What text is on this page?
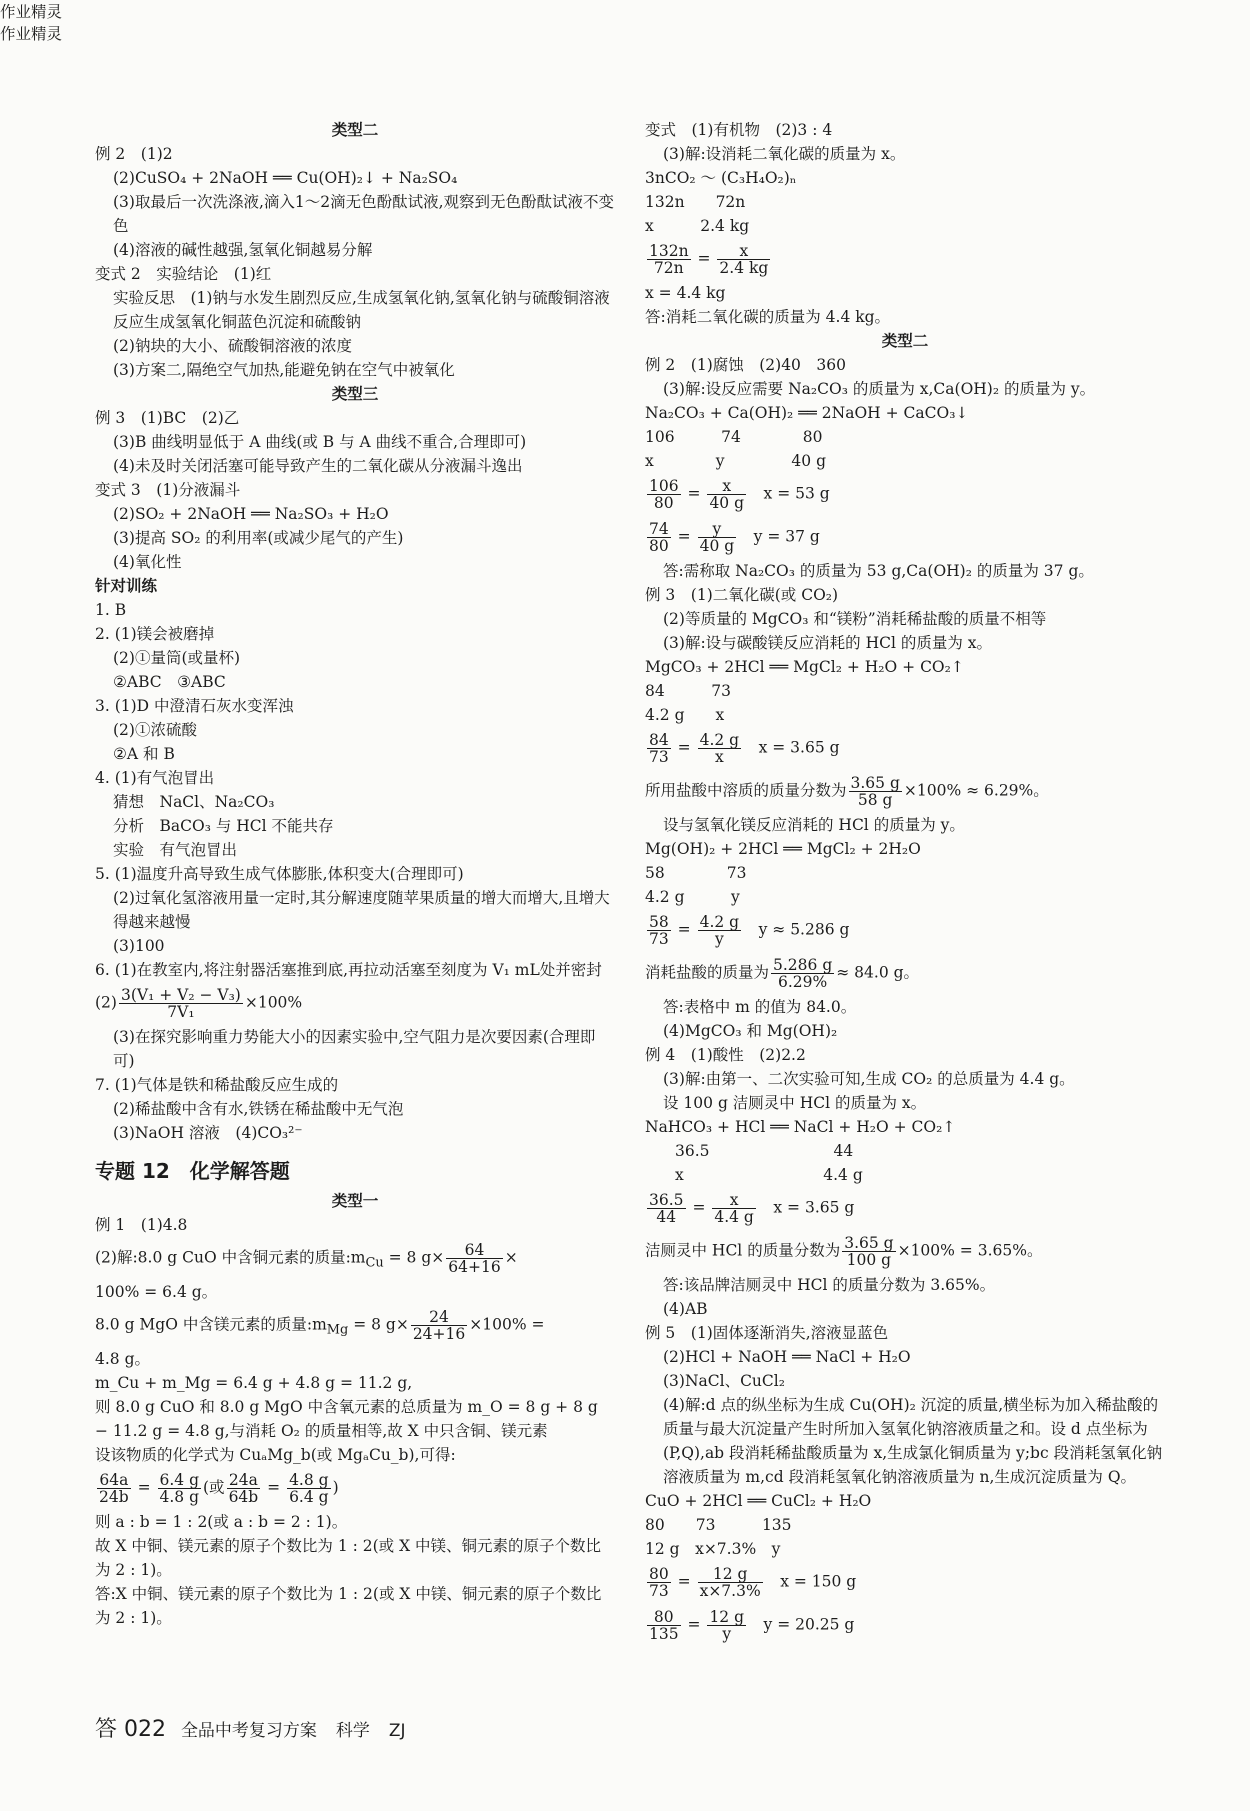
类型二
例 2　(1)2
(2)CuSO₄ + 2NaOH ══ Cu(OH)₂↓ + Na₂SO₄
(3)取最后一次洗涤液,滴入1～2滴无色酚酞试液,观察到无色酚酞试液不变色
(4)溶液的碱性越强,氢氧化铜越易分解
变式 2　实验结论　(1)红
实验反思　(1)钠与水发生剧烈反应,生成氢氧化钠,氢氧化钠与硫酸铜溶液反应生成氢氧化铜蓝色沉淀和硫酸钠
(2)钠块的大小、硫酸铜溶液的浓度
(3)方案二,隔绝空气加热,能避免钠在空气中被氧化
类型三
例 3　(1)BC　(2)乙
(3)B 曲线明显低于 A 曲线(或 B 与 A 曲线不重合,合理即可)
(4)未及时关闭活塞可能导致产生的二氧化碳从分液漏斗逸出
变式 3　(1)分液漏斗
(2)SO₂ + 2NaOH ══ Na₂SO₃ + H₂O
(3)提高 SO₂ 的利用率(或减少尾气的产生)
(4)氧化性
针对训练
1. B
2. (1)镁会被磨掉
(2)①量筒(或量杯)
②ABC　③ABC
3. (1)D 中澄清石灰水变浑浊
(2)①浓硫酸
②A 和 B
4. (1)有气泡冒出
猜想　NaCl、Na₂CO₃
分析　BaCO₃ 与 HCl 不能共存
实验　有气泡冒出
5. (1)温度升高导致生成气体膨胀,体积变大(合理即可)
(2)过氧化氢溶液用量一定时,其分解速度随苹果质量的增大而增大,且增大得越来越慢
(3)100
6. (1)在教室内,将注射器活塞推到底,再拉动活塞至刻度为 V₁ mL处并密封
$(2) \frac{\text{3(V₁ + V₂ − V₃)}}{\text{7V₁}} \times 100\%$
(3)在探究影响重力势能大小的因素实验中,空气阻力是次要因素(合理即可)
7. (1)气体是铁和稀盐酸反应生成的
(2)稀盐酸中含有水,铁锈在稀盐酸中无气泡
(3)NaOH 溶液　(4)CO₃²⁻
专题 12　化学解答题
类型一
例 1　(1)4.8
(2)解:8.0 g CuO 中含铜元素的质量$:m_{Cu} = 8$ $g\times \frac{64}{64+16}$ ×
100% = 6.4 g。
8.0 g MgO 中含镁元素的质量$:m_{Mg} = 8$ $g\times \frac{24}{24+16} \times 100\%$ =
4.8 g。
m_Cu + m_Mg = 6.4 g + 4.8 g = 11.2 g,
则 8.0 g CuO 和 8.0 g MgO 中含氧元素的总质量为 m_O = 8 g + 8 g − 11.2 g = 4.8 g,与消耗 O₂ 的质量相等,故 X 中只含铜、镁元素
设该物质的化学式为 CuₐMg_b(或 MgₐCu_b),可得:
$\frac{64a}{24b} = \frac{6.4 g}{4.8 g}$ (或 $\frac{24a}{64b} = \frac{4.8 g}{6.4 g}$ )
则 a : b = 1 : 2(或 a : b = 2 : 1)。
故 X 中铜、镁元素的原子个数比为 1 : 2(或 X 中镁、铜元素的原子个数比为 2 : 1)。
答:X 中铜、镁元素的原子个数比为 1 : 2(或 X 中镁、铜元素的原子个数比为 2 : 1)。
变式　(1)有机物　(2)3 : 4
(3)解:设消耗二氧化碳的质量为 x。
3nCO₂ ～ (C₃H₄O₂)ₙ
132n　　72n
x　　　2.4 kg
$\frac{132n}{72n} = \frac{x}{2.4 kg}$
x = 4.4 kg
答:消耗二氧化碳的质量为 4.4 kg。
类型二
例 2　(1)腐蚀　(2)40　360
(3)解:设反应需要 Na₂CO₃ 的质量为 x,Ca(OH)₂ 的质量为 y。
Na₂CO₃ + Ca(OH)₂ ══ 2NaOH + CaCO₃↓
106　　　74　　　　80
x　　　　y　　　　 40 g
$\frac{106}{80} = \frac{x}{40 g}$
　 x = 53 g
$\frac{74}{80} = \frac{y}{40 g}$
　 y = 37 g
答:需称取 Na₂CO₃ 的质量为 53 g,Ca(OH)₂ 的质量为 37 g。
例 3　(1)二氧化碳(或 CO₂)
(2)等质量的 MgCO₃ 和“镁粉”消耗稀盐酸的质量不相等
(3)解:设与碳酸镁反应消耗的 HCl 的质量为 x。
MgCO₃ + 2HCl ══ MgCl₂ + H₂O + CO₂↑
84　　　73
4.2 g　　x
$\frac{84}{73} = \frac{4.2 g}{x}$
　 x = 3.65 g
所用盐酸中溶质的质量分数为 $\frac{3.65 g}{58 g} \times 100\% \approx 6.29\%$。
设与氢氧化镁反应消耗的 HCl 的质量为 y。
Mg(OH)₂ + 2HCl ══ MgCl₂ + 2H₂O
58　　　　73
4.2 g　　　y
$\frac{58}{73} = \frac{4.2 g}{y}$
　 y ≈ 5.286 g
消耗盐酸的质量为 $\frac{5.286 g}{6.29\%} \approx 84.0$ g。
答:表格中 m 的值为 84.0。
(4)MgCO₃ 和 Mg(OH)₂
例 4　(1)酸性　(2)2.2
(3)解:由第一、二次实验可知,生成 CO₂ 的总质量为 4.4 g。
设 100 g 洁厕灵中 HCl 的质量为 x。
NaHCO₃ + HCl ══ NaCl + H₂O + CO₂↑
36.5　　　　　　　　44
x　　　　　　　　　4.4 g
$\frac{36.5}{44} = \frac{x}{4.4 g}$
　 x = 3.65 g
洁厕灵中 HCl 的质量分数为 $\frac{3.65 g}{100 g} \times 100\% = 3.65\%$。
答:该品牌洁厕灵中 HCl 的质量分数为 3.65%。
(4)AB
例 5　(1)固体逐渐消失,溶液显蓝色
(2)HCl + NaOH ══ NaCl + H₂O
(3)NaCl、CuCl₂
(4)解:d 点的纵坐标为生成 Cu(OH)₂ 沉淀的质量,横坐标为加入稀盐酸的质量与最大沉淀量产生时所加入氢氧化钠溶液质量之和。设 d 点坐标为(P,Q),ab 段消耗稀盐酸质量为 x,生成氯化铜质量为 y;bc 段消耗氢氧化钠溶液质量为 m,cd 段消耗氢氧化钠溶液质量为 n,生成沉淀质量为 Q。
CuO + 2HCl ══ CuCl₂ + H₂O
80　　73　　　135
12 g　x×7.3%　y
$\frac{80}{73} = \frac{12 g}{x\times 7.3\%}$
　 x = 150 g
$\frac{80}{135} = \frac{12 g}{y}$
　 y = 20.25 g
作业精灵
作业精灵
答 022 全品中考复习方案 科学 ZJ
